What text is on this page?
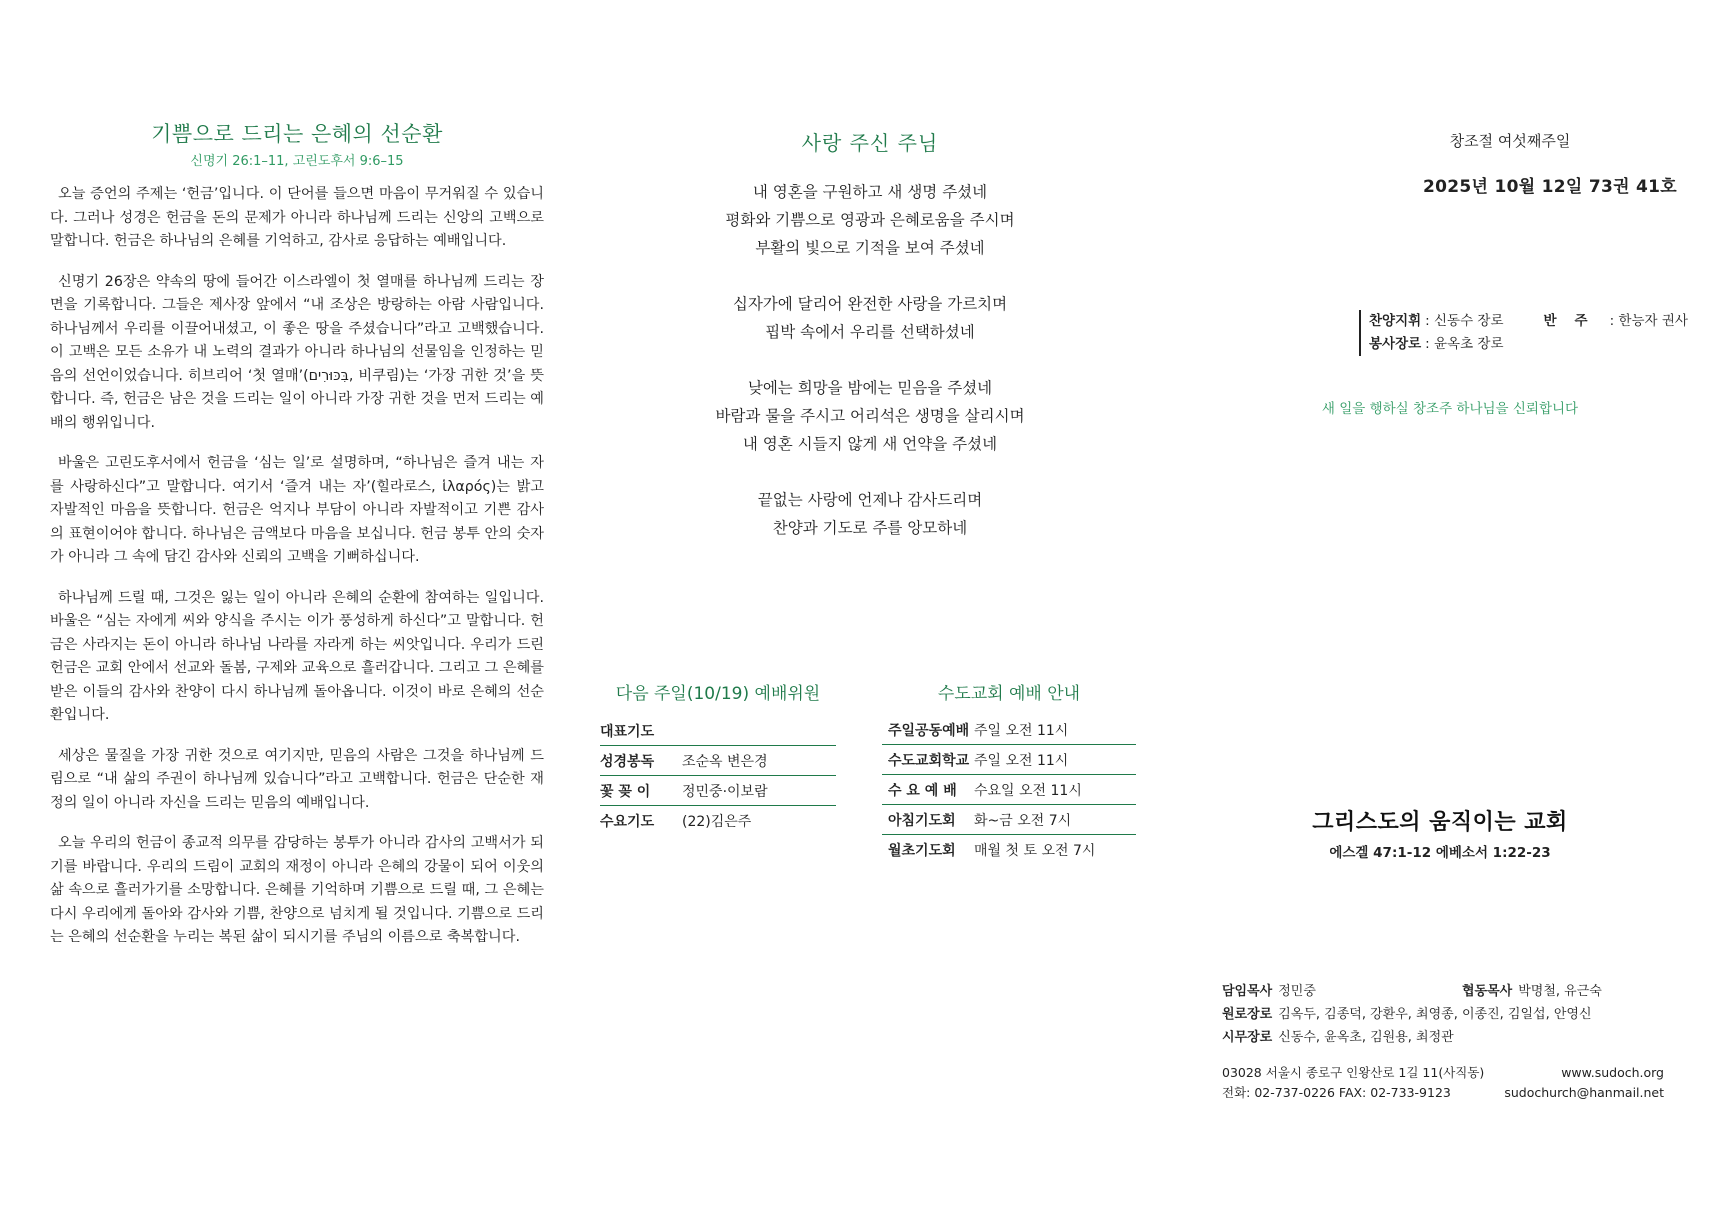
기쁨으로 드리는 은혜의 선순환
신명기 26:1–11, 고린도후서 9:6–15

오늘 증언의 주제는 ‘헌금’입니다. 이 단어를 들으면 마음이 무거워질 수 있습니다. 그러나 성경은 헌금을 돈의 문제가 아니라 하나님께 드리는 신앙의 고백으로 말합니다. 헌금은 하나님의 은혜를 기억하고, 감사로 응답하는 예배입니다.

신명기 26장은 약속의 땅에 들어간 이스라엘이 첫 열매를 하나님께 드리는 장면을 기록합니다. 그들은 제사장 앞에서 “내 조상은 방랑하는 아람 사람입니다. 하나님께서 우리를 이끌어내셨고, 이 좋은 땅을 주셨습니다”라고 고백했습니다. 이 고백은 모든 소유가 내 노력의 결과가 아니라 하나님의 선물임을 인정하는 믿음의 선언이었습니다. 히브리어 ‘첫 열매’(בִּכּוּרִים, 비쿠림)는 ‘가장 귀한 것’을 뜻합니다. 즉, 헌금은 남은 것을 드리는 일이 아니라 가장 귀한 것을 먼저 드리는 예배의 행위입니다.

바울은 고린도후서에서 헌금을 ‘심는 일’로 설명하며, “하나님은 즐겨 내는 자를 사랑하신다”고 말합니다. 여기서 ‘즐겨 내는 자’(힐라로스, ἱλαρός)는 밝고 자발적인 마음을 뜻합니다. 헌금은 억지나 부담이 아니라 자발적이고 기쁜 감사의 표현이어야 합니다. 하나님은 금액보다 마음을 보십니다. 헌금 봉투 안의 숫자가 아니라 그 속에 담긴 감사와 신뢰의 고백을 기뻐하십니다.

하나님께 드릴 때, 그것은 잃는 일이 아니라 은혜의 순환에 참여하는 일입니다. 바울은 “심는 자에게 씨와 양식을 주시는 이가 풍성하게 하신다”고 말합니다. 헌금은 사라지는 돈이 아니라 하나님 나라를 자라게 하는 씨앗입니다. 우리가 드린 헌금은 교회 안에서 선교와 돌봄, 구제와 교육으로 흘러갑니다. 그리고 그 은혜를 받은 이들의 감사와 찬양이 다시 하나님께 돌아옵니다. 이것이 바로 은혜의 선순환입니다.

세상은 물질을 가장 귀한 것으로 여기지만, 믿음의 사람은 그것을 하나님께 드림으로 “내 삶의 주권이 하나님께 있습니다”라고 고백합니다. 헌금은 단순한 재정의 일이 아니라 자신을 드리는 믿음의 예배입니다.

오늘 우리의 헌금이 종교적 의무를 감당하는 봉투가 아니라 감사의 고백서가 되기를 바랍니다. 우리의 드림이 교회의 재정이 아니라 은혜의 강물이 되어 이웃의 삶 속으로 흘러가기를 소망합니다. 은혜를 기억하며 기쁨으로 드릴 때, 그 은혜는 다시 우리에게 돌아와 감사와 기쁨, 찬양으로 넘치게 될 것입니다. 기쁨으로 드리는 은혜의 선순환을 누리는 복된 삶이 되시기를 주님의 이름으로 축복합니다.

사랑 주신 주님
내 영혼을 구원하고 새 생명 주셨네
평화와 기쁨으로 영광과 은혜로움을 주시며
부활의 빛으로 기적을 보여 주셨네
십자가에 달리어 완전한 사랑을 가르치며
핍박 속에서 우리를 선택하셨네
낮에는 희망을 밤에는 믿음을 주셨네
바람과 물을 주시고 어리석은 생명을 살리시며
내 영혼 시들지 않게 새 언약을 주셨네
끝없는 사랑에 언제나 감사드리며
찬양과 기도로 주를 앙모하네
다음 주일(10/19) 예배위원
대표기도
성경봉독	조순옥 변은경
꽃 꽂 이	정민중·이보람
수요기도	(22)김은주
수도교회 예배 안내
주일공동예배 주일 오전 11시
수도교회학교 주일 오전 11시
수 요 예 배	수요일 오전 11시
아침기도회	화~금 오전 7시
월초기도회	매월 첫 토 오전 7시
창조절 여섯째주일
2025년 10월 12일 73권 41호
찬양지휘 : 신동수 장로	반주 : 한능자 권사
봉사장로 : 윤옥초 장로
새 일을 행하실 창조주 하나님을 신뢰합니다
그리스도의 움직이는 교회
에스겔 47:1-12 에베소서 1:22-23
담임목사 정민중	협동목사 박명철, 유근숙
원로장로 김옥두, 김종덕, 강환우, 최영종, 이종진, 김일섭, 안영신
시무장로 신동수, 윤옥초, 김원용, 최정관
03028 서울시 종로구 인왕산로 1길 11(사직동)	www.sudoch.org
전화: 02-737-0226 FAX: 02-733-9123	sudochurch@hanmail.net
